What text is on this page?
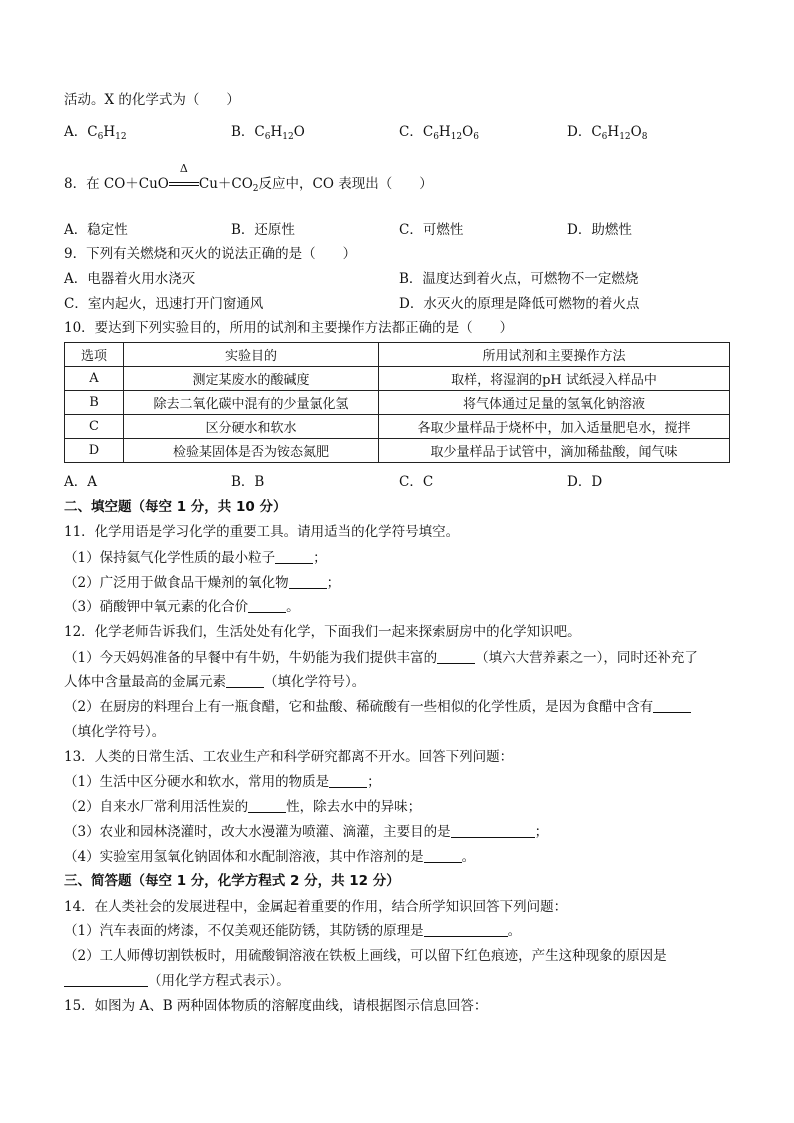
活动。X 的化学式为（　　）
A．$C_6H_{12}$	B．$C_6H_{12}O$	C．$C_6H_{12}O_6$	D．$C_6H_{12}O_8$
8．在 CO＋CuO
Δ
$Cu+CO_2$反应中，CO 表现出（　　）
A．稳定性	B．还原性	C．可燃性	D．助燃性
9．下列有关燃烧和灭火的说法正确的是（　　）
A．电器着火用水浇灭	B．温度达到着火点，可燃物不一定燃烧
C．室内起火，迅速打开门窗通风	D．水灭火的原理是降低可燃物的着火点
10．要达到下列实验目的，所用的试剂和主要操作方法都正确的是（　　）
选项	实验目的	所用试剂和主要操作方法
A	测定某废水的酸碱度	取样，将湿润的pH 试纸浸入样品中
B	除去二氧化碳中混有的少量氯化氢	将气体通过足量的氢氧化钠溶液
C	区分硬水和软水	各取少量样品于烧杯中，加入适量肥皂水，搅拌
D	检验某固体是否为铵态氮肥	取少量样品于试管中，滴加稀盐酸，闻气味
A．A	B．B	C．C	D．D
二、填空题（每空 1 分，共 10 分）
11．化学用语是学习化学的重要工具。请用适当的化学符号填空。
（1）保持氦气化学性质的最小粒子	；
（2）广泛用于做食品干燥剂的氧化物	；
（3）硝酸钾中氧元素的化合价	。
12．化学老师告诉我们，生活处处有化学，下面我们一起来探索厨房中的化学知识吧。
（1）今天妈妈准备的早餐中有牛奶，牛奶能为我们提供丰富的	（填六大营养素之一），同时还补充了
人体中含量最高的金属元素	（填化学符号）。
（2）在厨房的料理台上有一瓶食醋，它和盐酸、稀硫酸有一些相似的化学性质，是因为食醋中含有
（填化学符号）。
13．人类的日常生活、工农业生产和科学研究都离不开水。回答下列问题：
（1）生活中区分硬水和软水，常用的物质是	；
（2）自来水厂常利用活性炭的	性，除去水中的异味；
（3）农业和园林浇灌时，改大水漫灌为喷灌、滴灌，主要目的是	；
（4）实验室用氢氧化钠固体和水配制溶液，其中作溶剂的是	。
三、简答题（每空 1 分，化学方程式 2 分，共 12 分）
14．在人类社会的发展进程中，金属起着重要的作用，结合所学知识回答下列问题：
（1）汽车表面的烤漆，不仅美观还能防锈，其防锈的原理是	。
（2）工人师傅切割铁板时，用硫酸铜溶液在铁板上画线，可以留下红色痕迹，产生这种现象的原因是
（用化学方程式表示）。
15．如图为 A、B 两种固体物质的溶解度曲线，请根据图示信息回答：
